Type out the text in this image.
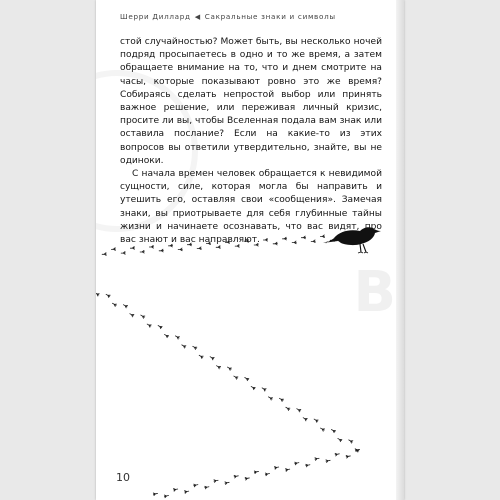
В
Шерри Диллард ◀ Сакральные знаки и символы

стой случайностью? Может быть, вы несколько ночей подряд просыпаетесь в одно и то же время, а затем обращаете внимание на то, что и днем смотрите на часы, которые показывают ровно это же время? Собираясь сделать непростой выбор или принять важное решение, или переживая личный кризис, просите ли вы, чтобы Вселенная подала вам знак или оставила послание? Если на какие-то из этих вопросов вы ответили утвердительно, знайте, вы не одиноки.

С начала времен человек обращается к невидимой сущности, силе, которая могла бы направить и утешить его, оставляя свои «сообщения». Замечая знаки, вы приотрываете для себя глубинные тайны жизни и начинаете осознавать, что вас видят, про вас знают и вас направляют.

10
